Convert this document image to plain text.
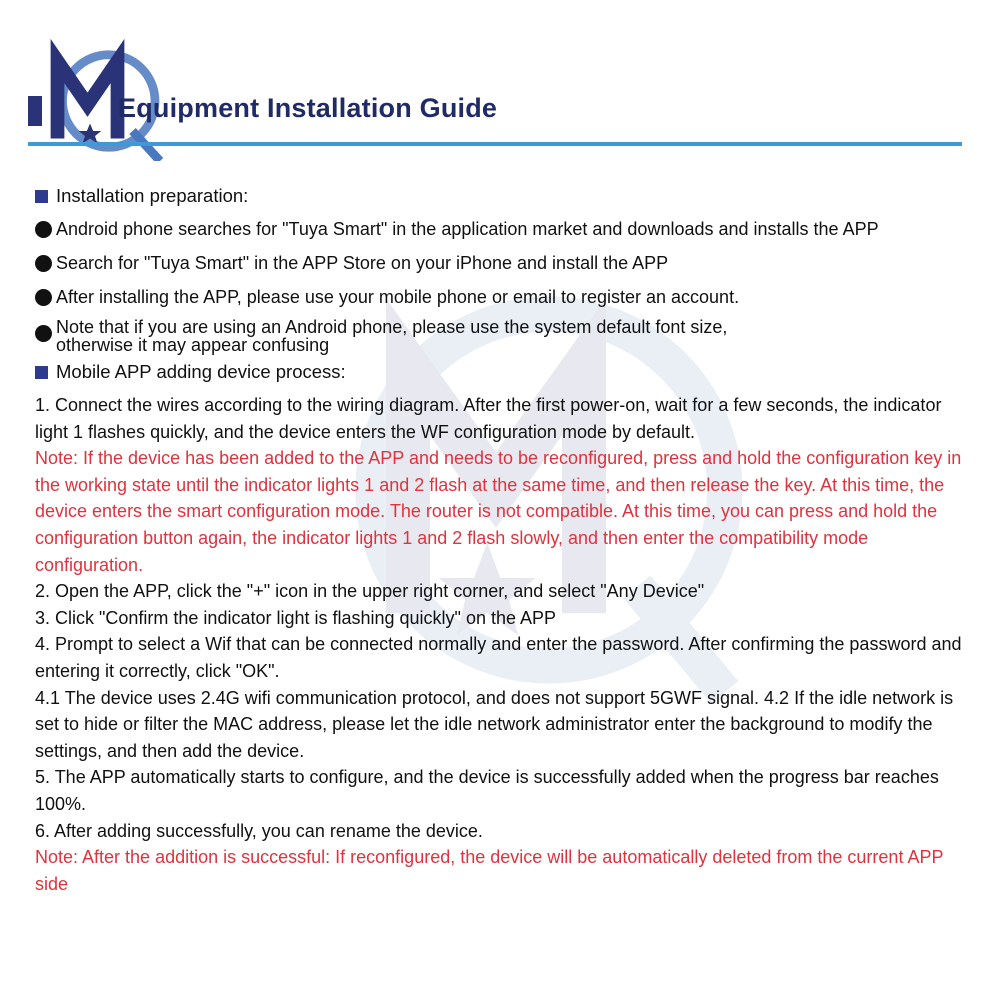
Equipment Installation Guide
Installation preparation:
Android phone searches for "Tuya Smart" in the application market and downloads and installs the APP
Search for "Tuya Smart" in the APP Store on your iPhone and install the APP
After installing the APP, please use your mobile phone or email to register an account.
Note that if you are using an Android phone, please use the system default font size,
otherwise it may appear confusing
Mobile APP adding device process:

1. Connect the wires according to the wiring diagram. After the first power-on, wait for a few seconds, the indicator light 1 flashes quickly, and the device enters the WF configuration mode by default.

Note: If the device has been added to the APP and needs to be reconfigured, press and hold the configuration key in the working state until the indicator lights 1 and 2 flash at the same time, and then release the key. At this time, the device enters the smart configuration mode. The router is not compatible. At this time, you can press and hold the configuration button again, the indicator lights 1 and 2 flash slowly, and then enter the compatibility mode configuration.

2. Open the APP, click the "+" icon in the upper right corner, and select "Any Device"

3. Click "Confirm the indicator light is flashing quickly" on the APP

4. Prompt to select a Wif that can be connected normally and enter the password. After confirming the password and entering it correctly, click "OK".

4.1 The device uses 2.4G wifi communication protocol, and does not support 5GWF signal. 4.2 If the idle network is set to hide or filter the MAC address, please let the idle network administrator enter the background to modify the settings, and then add the device.

5. The APP automatically starts to configure, and the device is successfully added when the progress bar reaches 100%.

6. After adding successfully, you can rename the device.

Note: After the addition is successful: If reconfigured, the device will be automatically deleted from the current APP side
